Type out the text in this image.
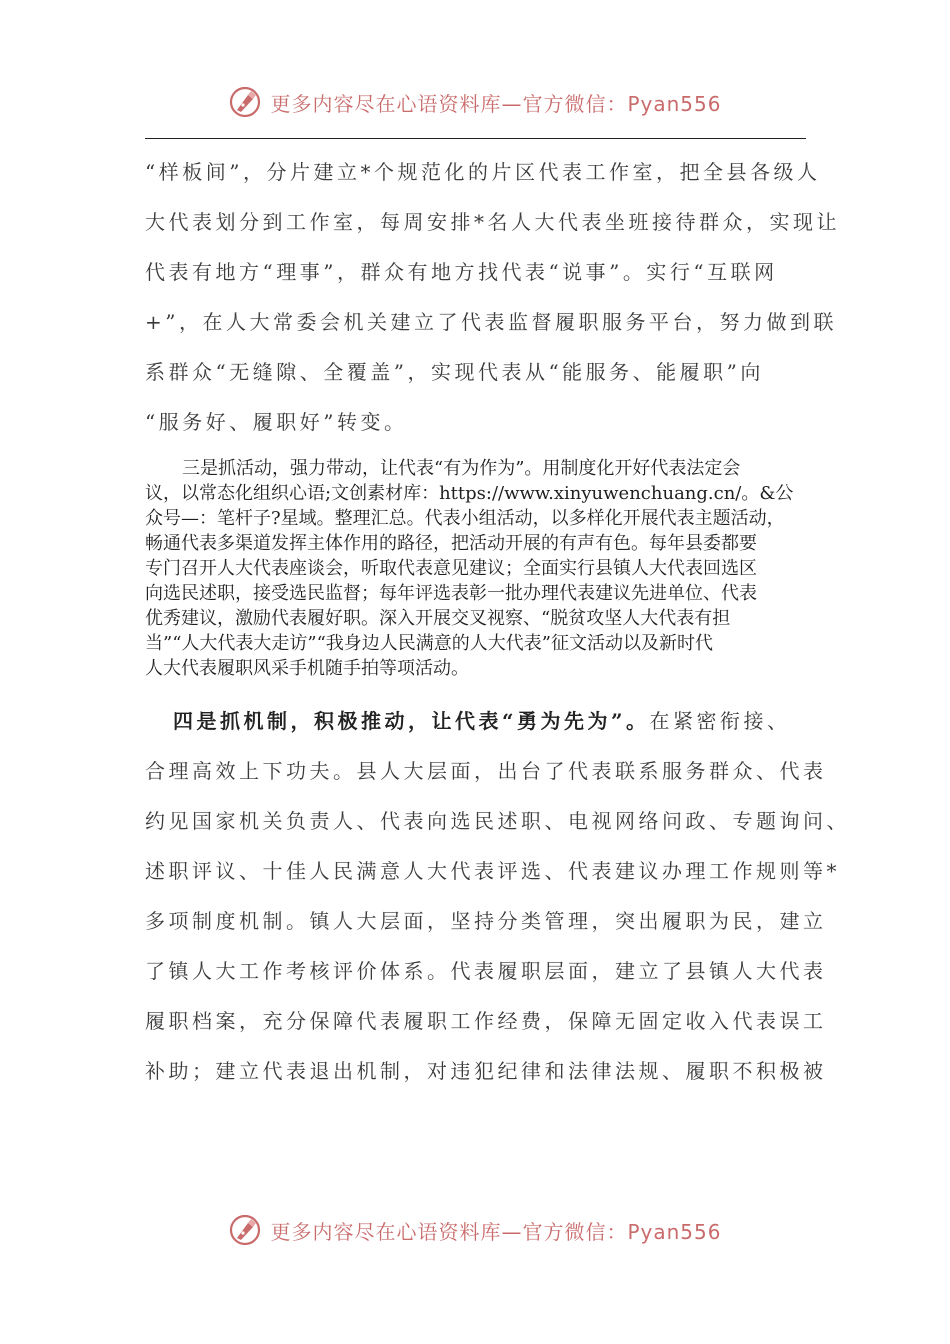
更多内容尽在心语资料库—官方微信：Pyan556
“样板间”，分片建立*个规范化的片区代表工作室，把全县各级人
大代表划分到工作室，每周安排*名人大代表坐班接待群众，实现让
代表有地方“理事”，群众有地方找代表“说事”。实行“互联网
+”，在人大常委会机关建立了代表监督履职服务平台，努力做到联
系群众“无缝隙、全覆盖”，实现代表从“能服务、能履职”向
“服务好、履职好”转变。
三是抓活动，强力带动，让代表“有为作为”。用制度化开好代表法定会
议，以常态化组织心语;文创素材库：https://www.xinyuwenchuang.cn/。&公
众号—：笔杆子?星域。整理汇总。代表小组活动，以多样化开展代表主题活动，
畅通代表多渠道发挥主体作用的路径，把活动开展的有声有色。每年县委都要
专门召开人大代表座谈会，听取代表意见建议；全面实行县镇人大代表回选区
向选民述职，接受选民监督；每年评选表彰一批办理代表建议先进单位、代表
优秀建议，激励代表履好职。深入开展交叉视察、“脱贫攻坚人大代表有担
当”“人大代表大走访”“我身边人民满意的人大代表”征文活动以及新时代
人大代表履职风采手机随手拍等项活动。
四是抓机制，积极推动，让代表“勇为先为”。在紧密衔接、
合理高效上下功夫。县人大层面，出台了代表联系服务群众、代表
约见国家机关负责人、代表向选民述职、电视网络问政、专题询问、
述职评议、十佳人民满意人大代表评选、代表建议办理工作规则等*
多项制度机制。镇人大层面，坚持分类管理，突出履职为民，建立
了镇人大工作考核评价体系。代表履职层面，建立了县镇人大代表
履职档案，充分保障代表履职工作经费，保障无固定收入代表误工
补助；建立代表退出机制，对违犯纪律和法律法规、履职不积极被
更多内容尽在心语资料库—官方微信：Pyan556
